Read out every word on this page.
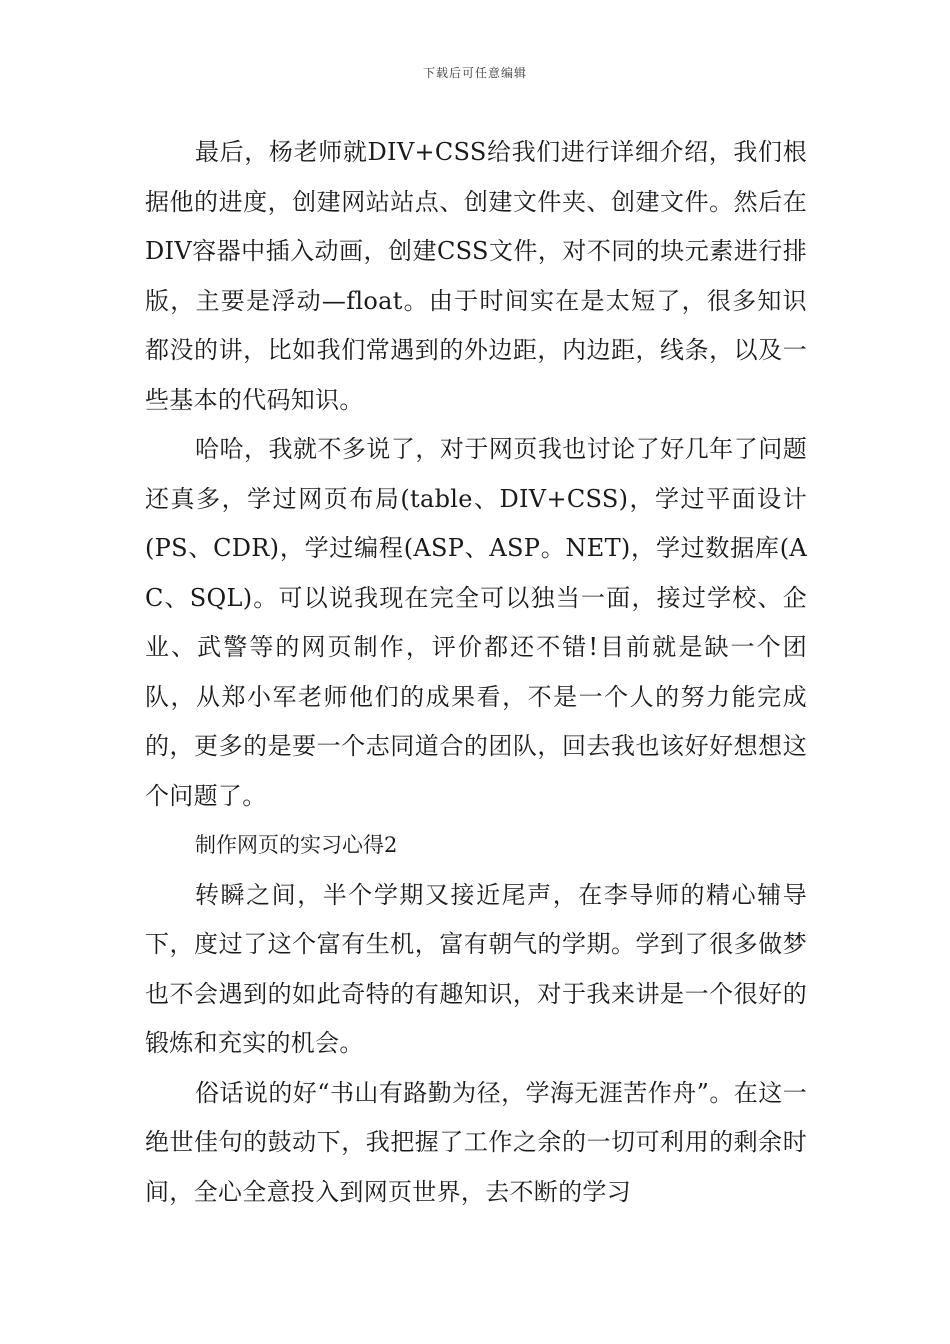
下载后可任意编辑

最后，杨老师就DIV+CSS给我们进行详细介绍，我们根据他的进度，创建网站站点、创建文件夹、创建文件。然后在DIV容器中插入动画，创建CSS文件，对不同的块元素进行排版，主要是浮动—float。由于时间实在是太短了，很多知识都没的讲，比如我们常遇到的外边距，内边距，线条，以及一些基本的代码知识。

哈哈，我就不多说了，对于网页我也讨论了好几年了问题还真多，学过网页布局(table、DIV+CSS)，学过平面设计(PS、CDR)，学过编程(ASP、ASP。NET)，学过数据库(AC、SQL)。可以说我现在完全可以独当一面，接过学校、企业、武警等的网页制作，评价都还不错!目前就是缺一个团队，从郑小军老师他们的成果看，不是一个人的努力能完成的，更多的是要一个志同道合的团队，回去我也该好好想想这个问题了。

制作网页的实习心得2

转瞬之间，半个学期又接近尾声，在李导师的精心辅导下，度过了这个富有生机，富有朝气的学期。学到了很多做梦也不会遇到的如此奇特的有趣知识，对于我来讲是一个很好的锻炼和充实的机会。

俗话说的好“书山有路勤为径，学海无涯苦作舟”。在这一绝世佳句的鼓动下，我把握了工作之余的一切可利用的剩余时间，全心全意投入到网页世界，去不断的学习
